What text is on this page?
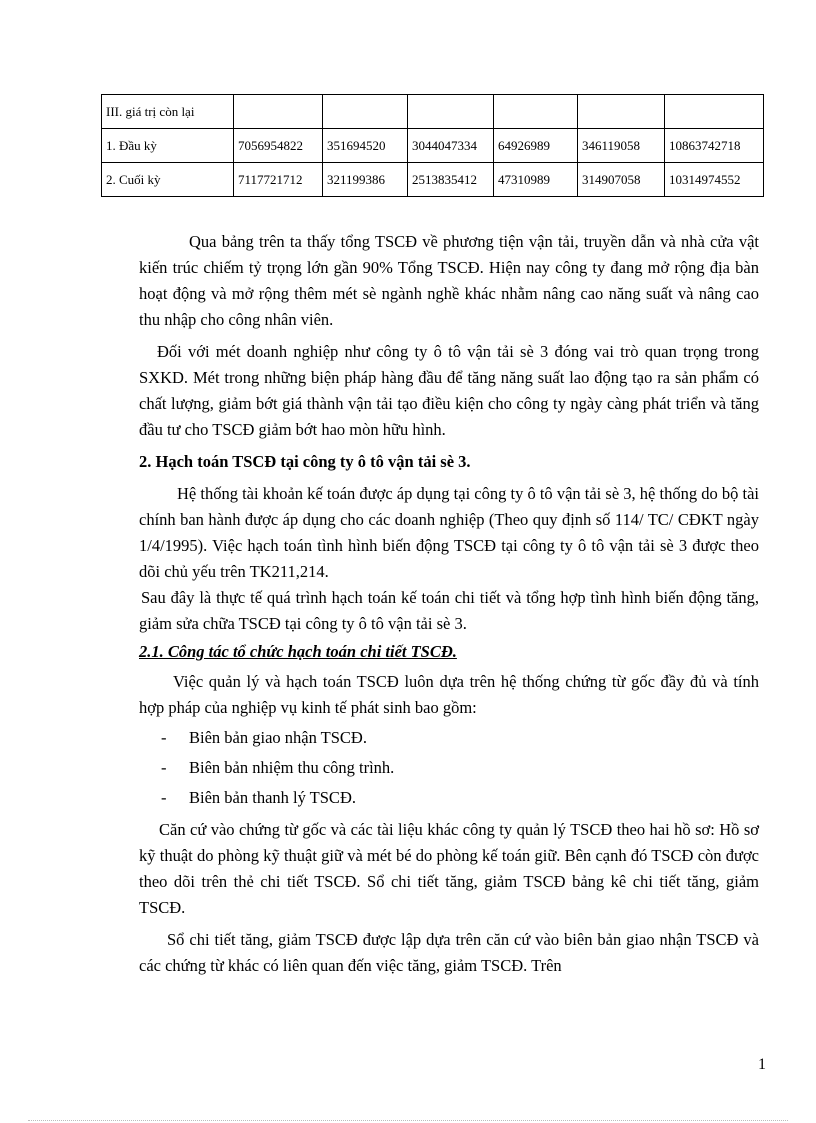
III. giá trị còn lại						
1. Đầu kỳ	7056954822	351694520	3044047334	64926989	346119058	10863742718
2. Cuối kỳ	7117721712	321199386	2513835412	47310989	314907058	10314974552

Qua bảng trên ta thấy tổng TSCĐ về phương tiện vận tải, truyền dẫn và nhà cửa vật kiến trúc chiếm tỷ trọng lớn gần 90% Tổng TSCĐ. Hiện nay công ty đang mở rộng địa bàn hoạt động và mở rộng thêm mét sè ngành nghề khác nhằm nâng cao năng suất và nâng cao thu nhập cho công nhân viên.

Đối với mét doanh nghiệp như công ty ô tô vận tải sè 3 đóng vai trò quan trọng trong SXKD. Mét trong những biện pháp hàng đầu để tăng năng suất lao động tạo ra sản phẩm có chất lượng, giảm bớt giá thành vận tải tạo điều kiện cho công ty ngày càng phát triển và tăng đầu tư cho TSCĐ giảm bớt hao mòn hữu hình.

2. Hạch toán TSCĐ tại công ty ô tô vận tải sè 3.

Hệ thống tài khoản kế toán được áp dụng tại công ty ô tô vận tải sè 3, hệ thống do bộ tài chính ban hành được áp dụng cho các doanh nghiệp (Theo quy định số 114/ TC/ CĐKT ngày 1/4/1995). Việc hạch toán tình hình biến động TSCĐ tại công ty ô tô vận tải sè 3 được theo dõi chủ yếu trên TK211,214.

Sau đây là thực tế quá trình hạch toán kế toán chi tiết và tổng hợp tình hình biến động tăng, giảm sửa chữa TSCĐ tại công ty ô tô vận tải sè 3.

2.1. Công tác tổ chức hạch toán chi tiết TSCĐ.

Việc quản lý và hạch toán TSCĐ luôn dựa trên hệ thống chứng từ gốc đầy đủ và tính hợp pháp của nghiệp vụ kinh tế phát sinh bao gồm:

- Biên bản giao nhận TSCĐ.

- Biên bản nhiệm thu công trình.

- Biên bản thanh lý TSCĐ.

Căn cứ vào chứng từ gốc và các tài liệu khác công ty quản lý TSCĐ theo hai hồ sơ: Hồ sơ kỹ thuật do phòng kỹ thuật giữ và mét bé do phòng kế toán giữ. Bên cạnh đó TSCĐ còn được theo dõi trên thẻ chi tiết TSCĐ. Sổ chi tiết tăng, giảm TSCĐ bảng kê chi tiết tăng, giảm TSCĐ.

Sổ chi tiết tăng, giảm TSCĐ được lập dựa trên căn cứ vào biên bản giao nhận TSCĐ và các chứng từ khác có liên quan đến việc tăng, giảm TSCĐ. Trên

1
